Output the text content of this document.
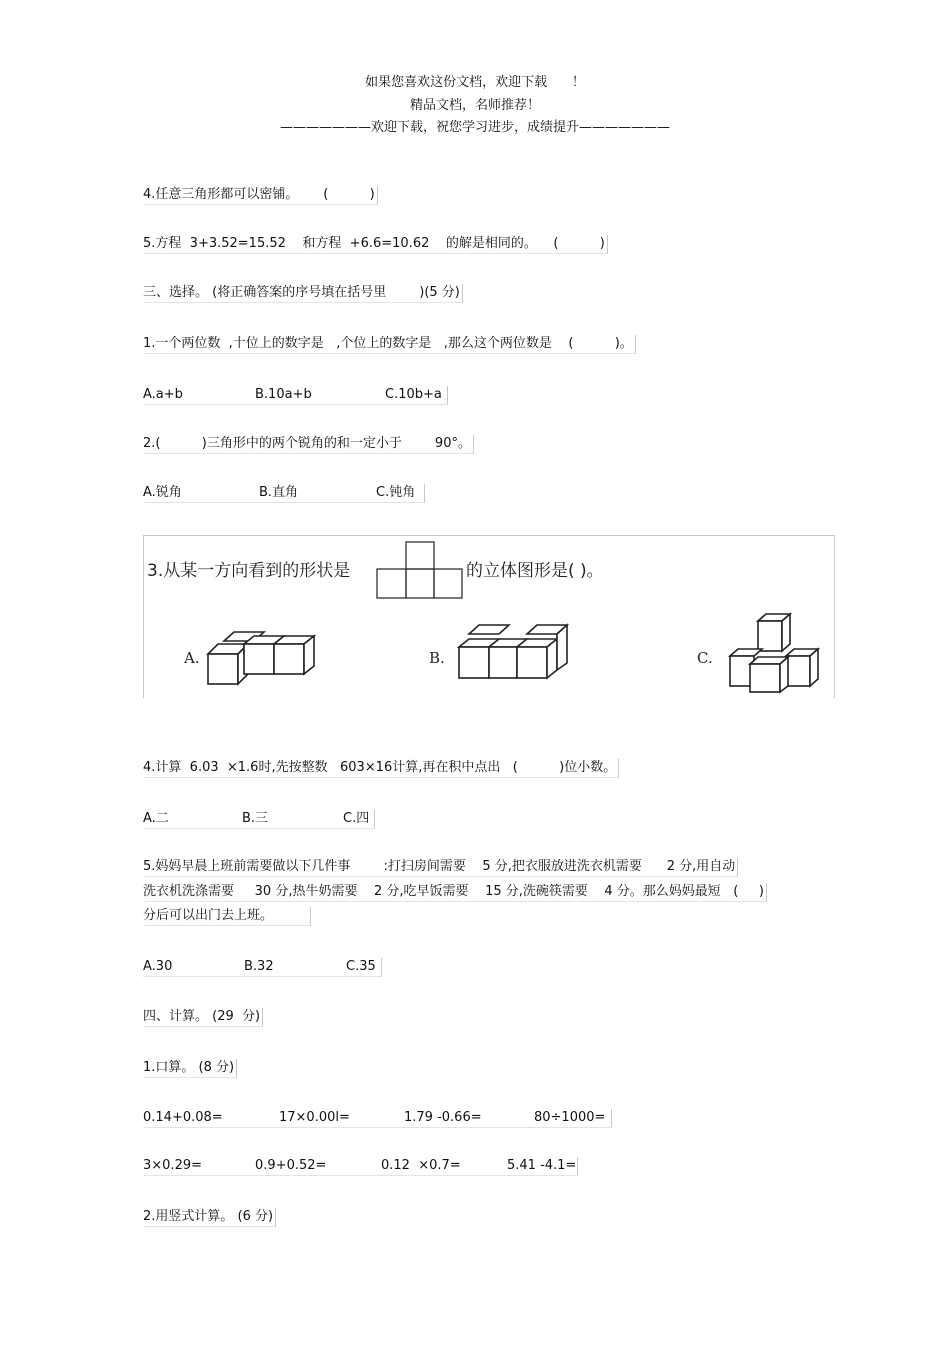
如果您喜欢这份文档，欢迎下载      ！
精品文档，名师推荐！
———————欢迎下载，祝您学习进步，成绩提升———————
4.任意三角形都可以密铺。      (          )
5.方程  3+3.52=15.52    和方程  +6.6=10.62    的解是相同的。    (          )
三、选择。 (将正确答案的序号填在括号里        )(5 分)
1.一个两位数  ,十位上的数字是   ,个位上的数字是   ,那么这个两位数是    (          )。
A.a+b	B.10a+b	C.10b+a
2.(          )三角形中的两个锐角的和一定小于        90°。
A.锐角	B.直角	C.钝角
3.从某一方向看到的形状是	的立体图形是( )。
A.	B.	C.
4.计算  6.03  ×1.6时,先按整数   603×16计算,再在积中点出   (          )位小数。
A.二	B.三	C.四
5.妈妈早晨上班前需要做以下几件事        :打扫房间需要    5 分,把衣服放进洗衣机需要      2 分,用自动
洗衣机洗涤需要     30 分,热牛奶需要    2 分,吃早饭需要    15 分,洗碗筷需要    4 分。那么妈妈最短   (     )
分后可以出门去上班。
A.30	B.32	C.35
四、计算。 (29  分)
1.口算。 (8 分)
0.14+0.08=	17×0.00l=	1.79 -0.66=	80÷1000=
3×0.29=	0.9+0.52=	0.12  ×0.7=	5.41 -4.1=
2.用竖式计算。 (6 分)
